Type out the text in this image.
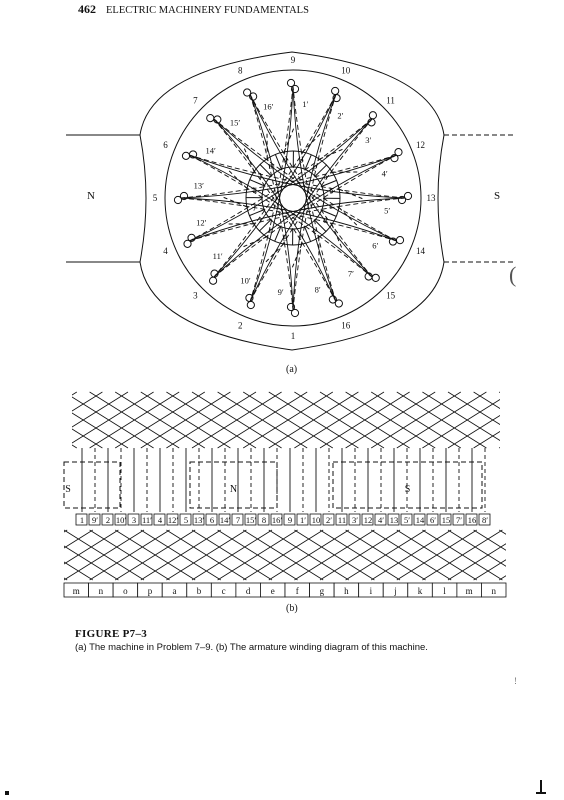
462 ELECTRIC MACHINERY FUNDAMENTALS
1
9′
2
10′
3
11′
4
12′
5
13′
6
14′
7
15′
8
16′
9
1′
10
2′
11
3′
12
4′
13
5′
14
6′
15
7′
16
8′
n o
p
a
b
c
d
e
f
g
h
i
j
k
l
m
S	N	S
1 9′ 2 10′ 3 11′ 4 12′ 5 13′ 6 14′ 7 15′ 8 16′ 9 1′ 10 2′ 11 3′ 12 4′ 13 5′ 14 6′ 15 7′ 16 8′
m n o p a b c d e f g h i j k l m n
N	S
(a)
(b)
FIGURE P7–3
(a) The machine in Problem 7–9. (b) The armature winding diagram of this machine.
(
!
